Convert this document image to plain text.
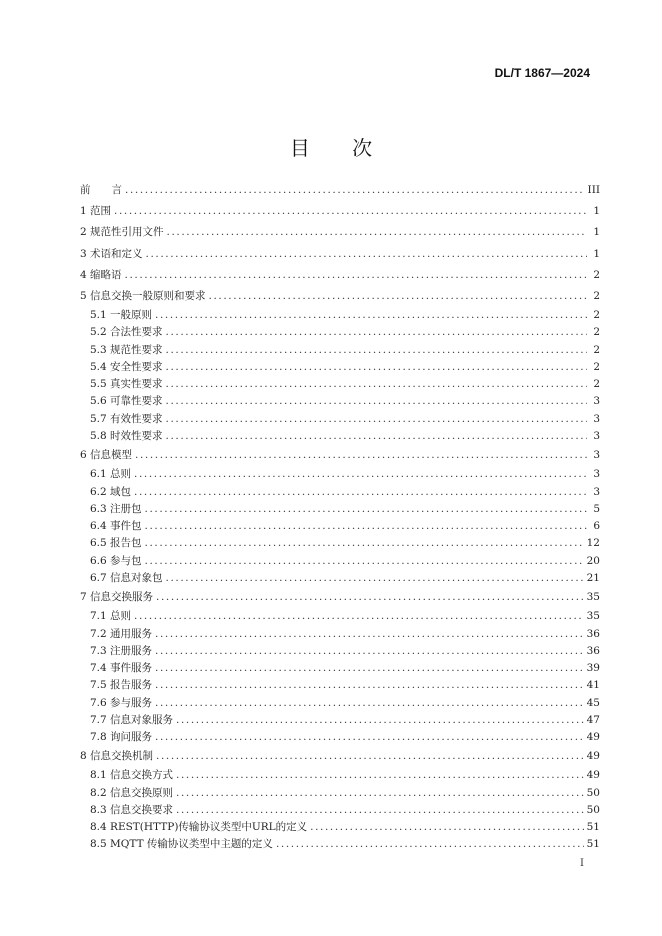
DL/T 1867—2024
目 次
前　　言 .....	III
1 范围 .....	1
2 规范性引用文件 .....	1
3 术语和定义 .....	1
4 缩略语 .....	2
5 信息交换一般原则和要求 .....	2
5.1 一般原则 .....	2
5.2 合法性要求 .....	2
5.3 规范性要求 .....	2
5.4 安全性要求 .....	2
5.5 真实性要求 .....	2
5.6 可靠性要求 .....	3
5.7 有效性要求 .....	3
5.8 时效性要求 .....	3
6 信息模型 .....	3
6.1 总则 .....	3
6.2 域包 .....	3
6.3 注册包 .....	5
6.4 事件包 .....	6
6.5 报告包 .....	12
6.6 参与包 .....	20
6.7 信息对象包 .....	21
7 信息交换服务 .....	35
7.1 总则 .....	35
7.2 通用服务 .....	36
7.3 注册服务 .....	36
7.4 事件服务 .....	39
7.5 报告服务 .....	41
7.6 参与服务 .....	45
7.7 信息对象服务 .....	47
7.8 询问服务 .....	49
8 信息交换机制 .....	49
8.1 信息交换方式 .....	49
8.2 信息交换原则 .....	50
8.3 信息交换要求 .....	50
8.4 REST(HTTP)传输协议类型中URL的定义 .....	51
8.5 MQTT 传输协议类型中主题的定义 .....	51
I
